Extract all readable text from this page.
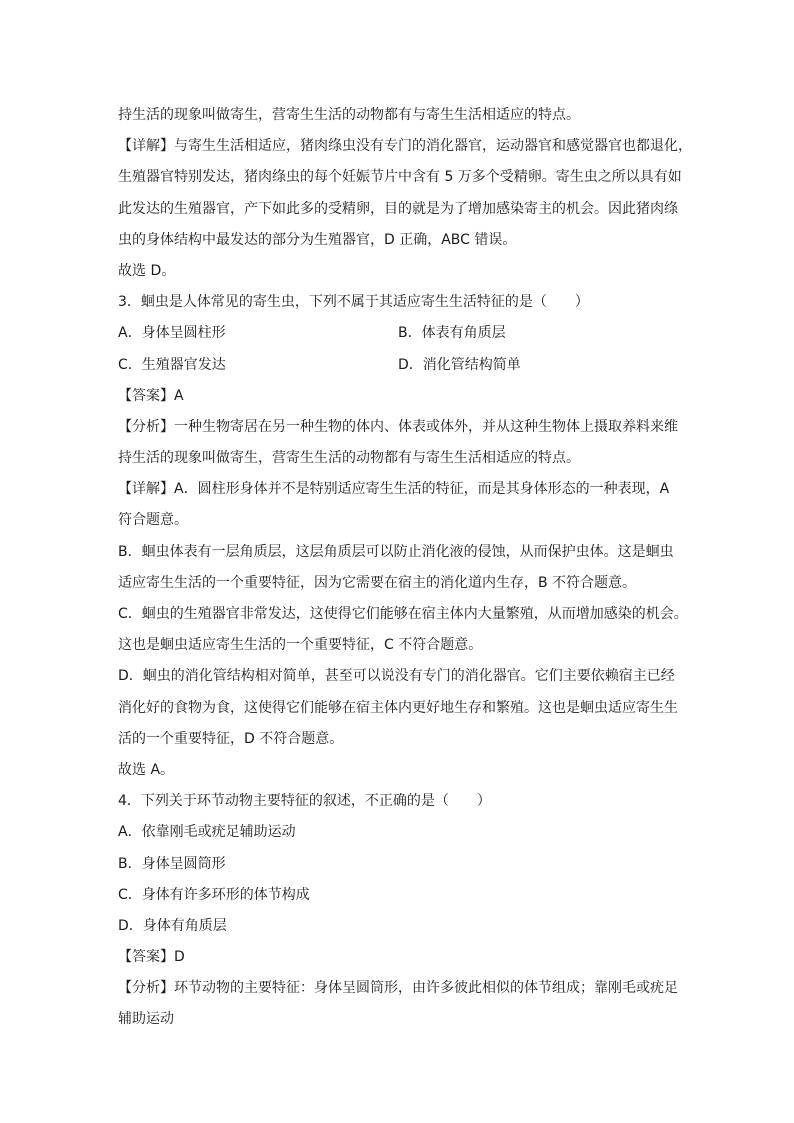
持生活的现象叫做寄生，营寄生生活的动物都有与寄生生活相适应的特点。
【详解】与寄生生活相适应，猪肉绦虫没有专门的消化器官，运动器官和感觉器官也都退化，
生殖器官特别发达，猪肉绦虫的每个妊娠节片中含有 5 万多个受精卵。寄生虫之所以具有如
此发达的生殖器官，产下如此多的受精卵，目的就是为了增加感染寄主的机会。因此猪肉绦
虫的身体结构中最发达的部分为生殖器官，D 正确，ABC 错误。
故选 D。
3．蛔虫是人体常见的寄生虫，下列不属于其适应寄生生活特征的是（　　）
A．身体呈圆柱形	B．体表有角质层
C．生殖器官发达	D．消化管结构简单
【答案】A
【分析】一种生物寄居在另一种生物的体内、体表或体外，并从这种生物体上摄取养料来维
持生活的现象叫做寄生，营寄生生活的动物都有与寄生生活相适应的特点。
【详解】A．圆柱形身体并不是特别适应寄生生活的特征，而是其身体形态的一种表现，A
符合题意。
B．蛔虫体表有一层角质层，这层角质层可以防止消化液的侵蚀，从而保护虫体。这是蛔虫
适应寄生生活的一个重要特征，因为它需要在宿主的消化道内生存，B 不符合题意。
C．蛔虫的生殖器官非常发达，这使得它们能够在宿主体内大量繁殖，从而增加感染的机会。
这也是蛔虫适应寄生生活的一个重要特征，C 不符合题意。
D．蛔虫的消化管结构相对简单，甚至可以说没有专门的消化器官。它们主要依赖宿主已经
消化好的食物为食，这使得它们能够在宿主体内更好地生存和繁殖。这也是蛔虫适应寄生生
活的一个重要特征，D 不符合题意。
故选 A。
4．下列关于环节动物主要特征的叙述，不正确的是（　　）
A．依靠刚毛或疣足辅助运动
B．身体呈圆筒形
C．身体有许多环形的体节构成
D．身体有角质层
【答案】D
【分析】环节动物的主要特征：身体呈圆筒形，由许多彼此相似的体节组成；靠刚毛或疣足
辅助运动
